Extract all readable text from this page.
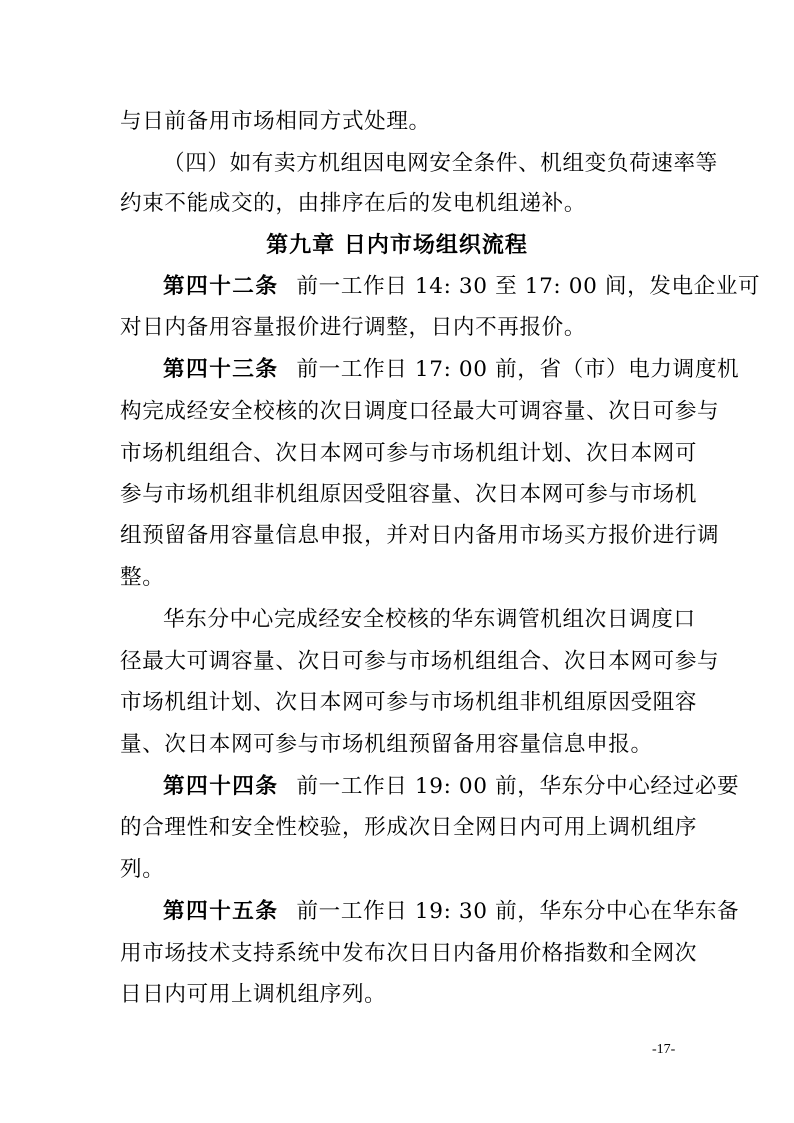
与日前备用市场相同方式处理。
（四）如有卖方机组因电网安全条件、机组变负荷速率等
约束不能成交的，由排序在后的发电机组递补。
第九章 日内市场组织流程
第四十二条 前一工作日 14: 30 至 17: 00 间，发电企业可
对日内备用容量报价进行调整，日内不再报价。
第四十三条 前一工作日 17: 00 前，省（市）电力调度机
构完成经安全校核的次日调度口径最大可调容量、次日可参与
市场机组组合、次日本网可参与市场机组计划、次日本网可
参与市场机组非机组原因受阻容量、次日本网可参与市场机
组预留备用容量信息申报，并对日内备用市场买方报价进行调
整。
华东分中心完成经安全校核的华东调管机组次日调度口
径最大可调容量、次日可参与市场机组组合、次日本网可参与
市场机组计划、次日本网可参与市场机组非机组原因受阻容
量、次日本网可参与市场机组预留备用容量信息申报。
第四十四条 前一工作日 19: 00 前，华东分中心经过必要
的合理性和安全性校验，形成次日全网日内可用上调机组序
列。
第四十五条 前一工作日 19: 30 前，华东分中心在华东备
用市场技术支持系统中发布次日日内备用价格指数和全网次
日日内可用上调机组序列。
-17-
